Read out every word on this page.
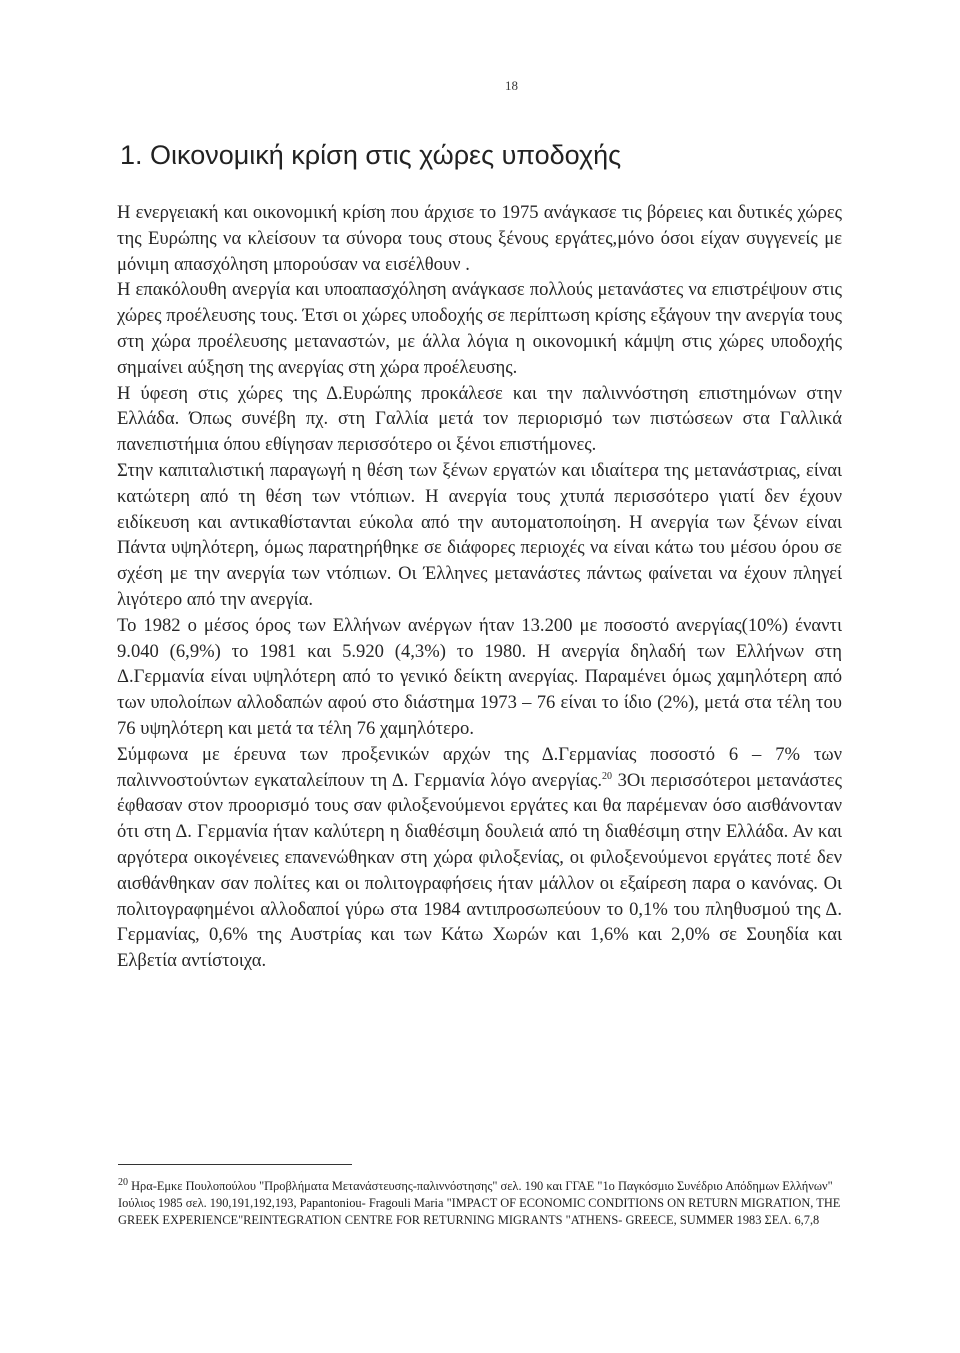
18
1. Οικονομική κρίση στις χώρες υποδοχής

Η ενεργειακή και οικονομική κρίση που άρχισε το 1975 ανάγκασε τις βόρειες και δυτικές χώρες της Ευρώπης να κλείσουν τα σύνορα τους στους ξένους εργάτες,μόνο όσοι είχαν συγγενείς με μόνιμη απασχόληση μπορούσαν να εισέλθουν .

Η επακόλουθη ανεργία και υποαπασχόληση ανάγκασε πολλούς μετανάστες να επιστρέψουν στις χώρες προέλευσης τους. Έτσι οι χώρες υποδοχής σε περίπτωση κρίσης εξάγουν την ανεργία τους στη χώρα προέλευσης μεταναστών, με άλλα λόγια η οικονομική κάμψη στις χώρες υποδοχής σημαίνει αύξηση της ανεργίας στη χώρα προέλευσης.

Η ύφεση στις χώρες της Δ.Ευρώπης προκάλεσε και την παλιννόστηση επιστημόνων στην Ελλάδα. Όπως συνέβη πχ. στη Γαλλία μετά τον περιορισμό των πιστώσεων στα Γαλλικά πανεπιστήμια όπου εθίγησαν περισσότερο οι ξένοι επιστήμονες.

Στην καπιταλιστική παραγωγή η θέση των ξένων εργατών και ιδιαίτερα της μετανάστριας, είναι κατώτερη από τη θέση των ντόπιων. Η ανεργία τους χτυπά περισσότερο γιατί δεν έχουν ειδίκευση και αντικαθίστανται εύκολα από την αυτοματοποίηση. Η ανεργία των ξένων είναι Πάντα υψηλότερη, όμως παρατηρήθηκε σε διάφορες περιοχές να είναι κάτω του μέσου όρου σε σχέση με την ανεργία των ντόπιων. Οι Έλληνες μετανάστες πάντως φαίνεται να έχουν πληγεί λιγότερο από την ανεργία.

Το 1982 ο μέσος όρος των Ελλήνων ανέργων ήταν 13.200 με ποσοστό ανεργίας(10%) έναντι 9.040 (6,9%) το 1981 και 5.920 (4,3%) το 1980. Η ανεργία δηλαδή των Ελλήνων στη Δ.Γερμανία είναι υψηλότερη από το γενικό δείκτη ανεργίας. Παραμένει όμως χαμηλότερη από των υπολοίπων αλλοδαπών αφού στο διάστημα 1973 – 76 είναι το ίδιο (2%), μετά στα τέλη του 76 υψηλότερη και μετά τα τέλη 76 χαμηλότερο.

Σύμφωνα με έρευνα των προξενικών αρχών της Δ.Γερμανίας ποσοστό 6 – 7% των παλιννοστούντων εγκαταλείπουν τη Δ. Γερμανία λόγο ανεργίας.$^{20}$ 3Οι περισσότεροι μετανάστες έφθασαν στον προορισμό τους σαν φιλοξενούμενοι εργάτες και θα παρέμεναν όσο αισθάνονταν ότι στη Δ. Γερμανία ήταν καλύτερη η διαθέσιμη δουλειά από τη διαθέσιμη στην Ελλάδα. Αν και αργότερα οικογένειες επανενώθηκαν στη χώρα φιλοξενίας, οι φιλοξενούμενοι εργάτες ποτέ δεν αισθάνθηκαν σαν πολίτες και οι πολιτογραφήσεις ήταν μάλλον οι εξαίρεση παρα ο κανόνας. Οι πολιτογραφημένοι αλλοδαποί γύρω στα 1984 αντιπροσωπεύουν το 0,1% του πληθυσμού της Δ. Γερμανίας, 0,6% της Αυστρίας και των Κάτω Χωρών και 1,6% και 2,0% σε Σουηδία και Ελβετία αντίστοιχα.

$^{20}$ Ηρα-Εμκε Πουλοπούλου "Προβλήματα Μετανάστευσης-παλιννόστησης" σελ. 190 και ΓΓΑΕ "1ο Παγκόσμιο Συνέδριο Απόδημων Ελλήνων" Ιούλιος 1985 σελ. 190,191,192,193, Papantoniou- Fragouli Maria "IMPACT OF ECONOMIC CONDITIONS ON RETURN MIGRATION, THE GREEK EXPERIENCE"REINTEGRATION CENTRE FOR RETURNING MIGRANTS "ATHENS- GREECE, SUMMER 1983 ΣΕΛ. 6,7,8
